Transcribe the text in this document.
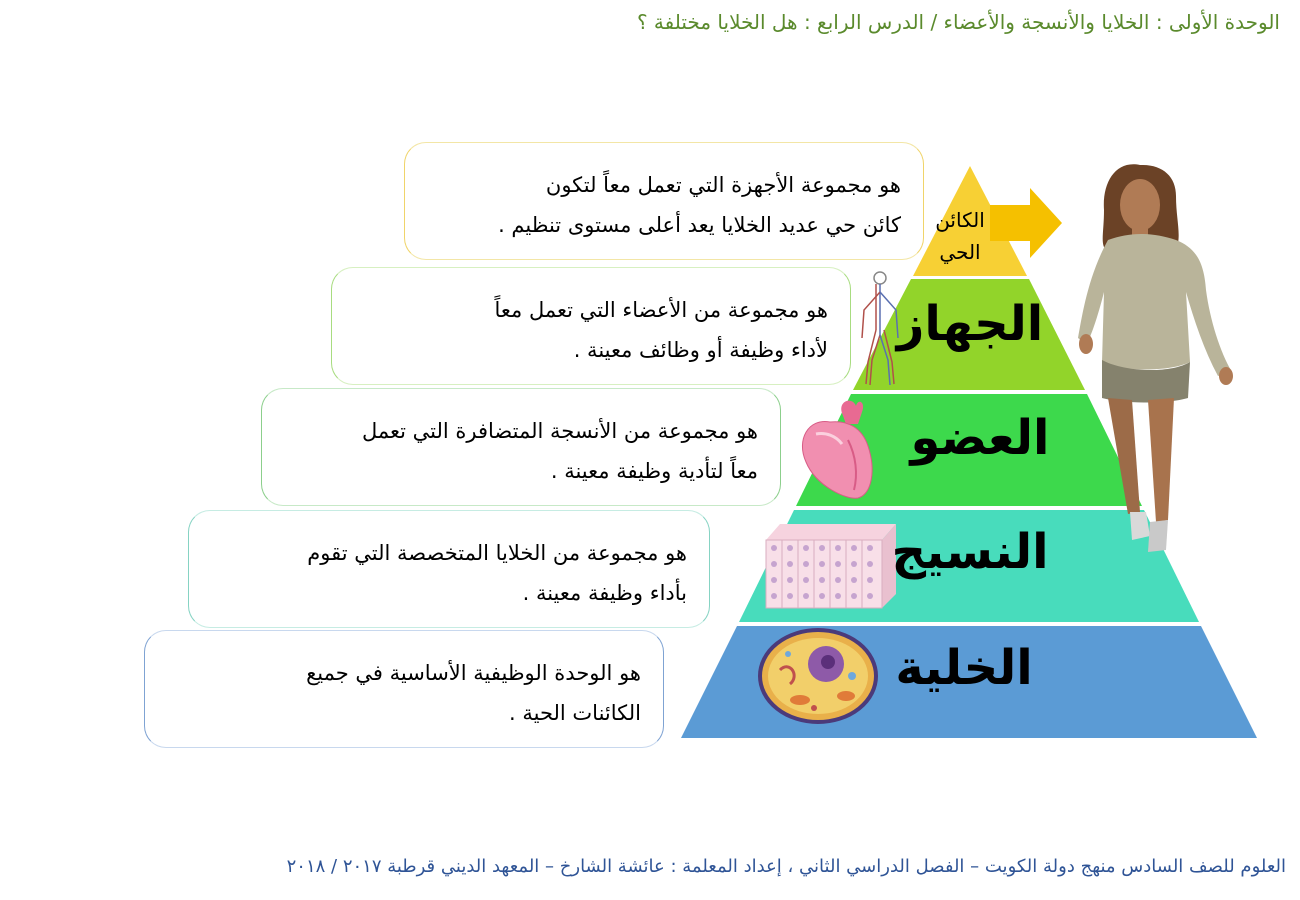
الوحدة الأولى : الخلايا والأنسجة والأعضاء / الدرس الرابع : هل الخلايا مختلفة ؟
هو مجموعة الأجهزة التي تعمل معاً لتكون
كائن حي عديد الخلايا يعد أعلى مستوى تنظيم .
هو مجموعة من الأعضاء التي تعمل معاً
لأداء وظيفة أو وظائف معينة .
هو مجموعة من الأنسجة المتضافرة التي تعمل
معاً لتأدية وظيفة معينة .
هو مجموعة من الخلايا المتخصصة التي تقوم
بأداء وظيفة معينة .
هو الوحدة الوظيفية الأساسية في جميع
الكائنات الحية .
الكائن
الحي
الجهاز
العضو
النسيج
الخلية
العلوم للصف السادس منهج دولة الكويت – الفصل الدراسي الثاني ، إعداد المعلمة : عائشة الشارخ – المعهد الديني قرطبة ٢٠١٧ / ٢٠١٨
